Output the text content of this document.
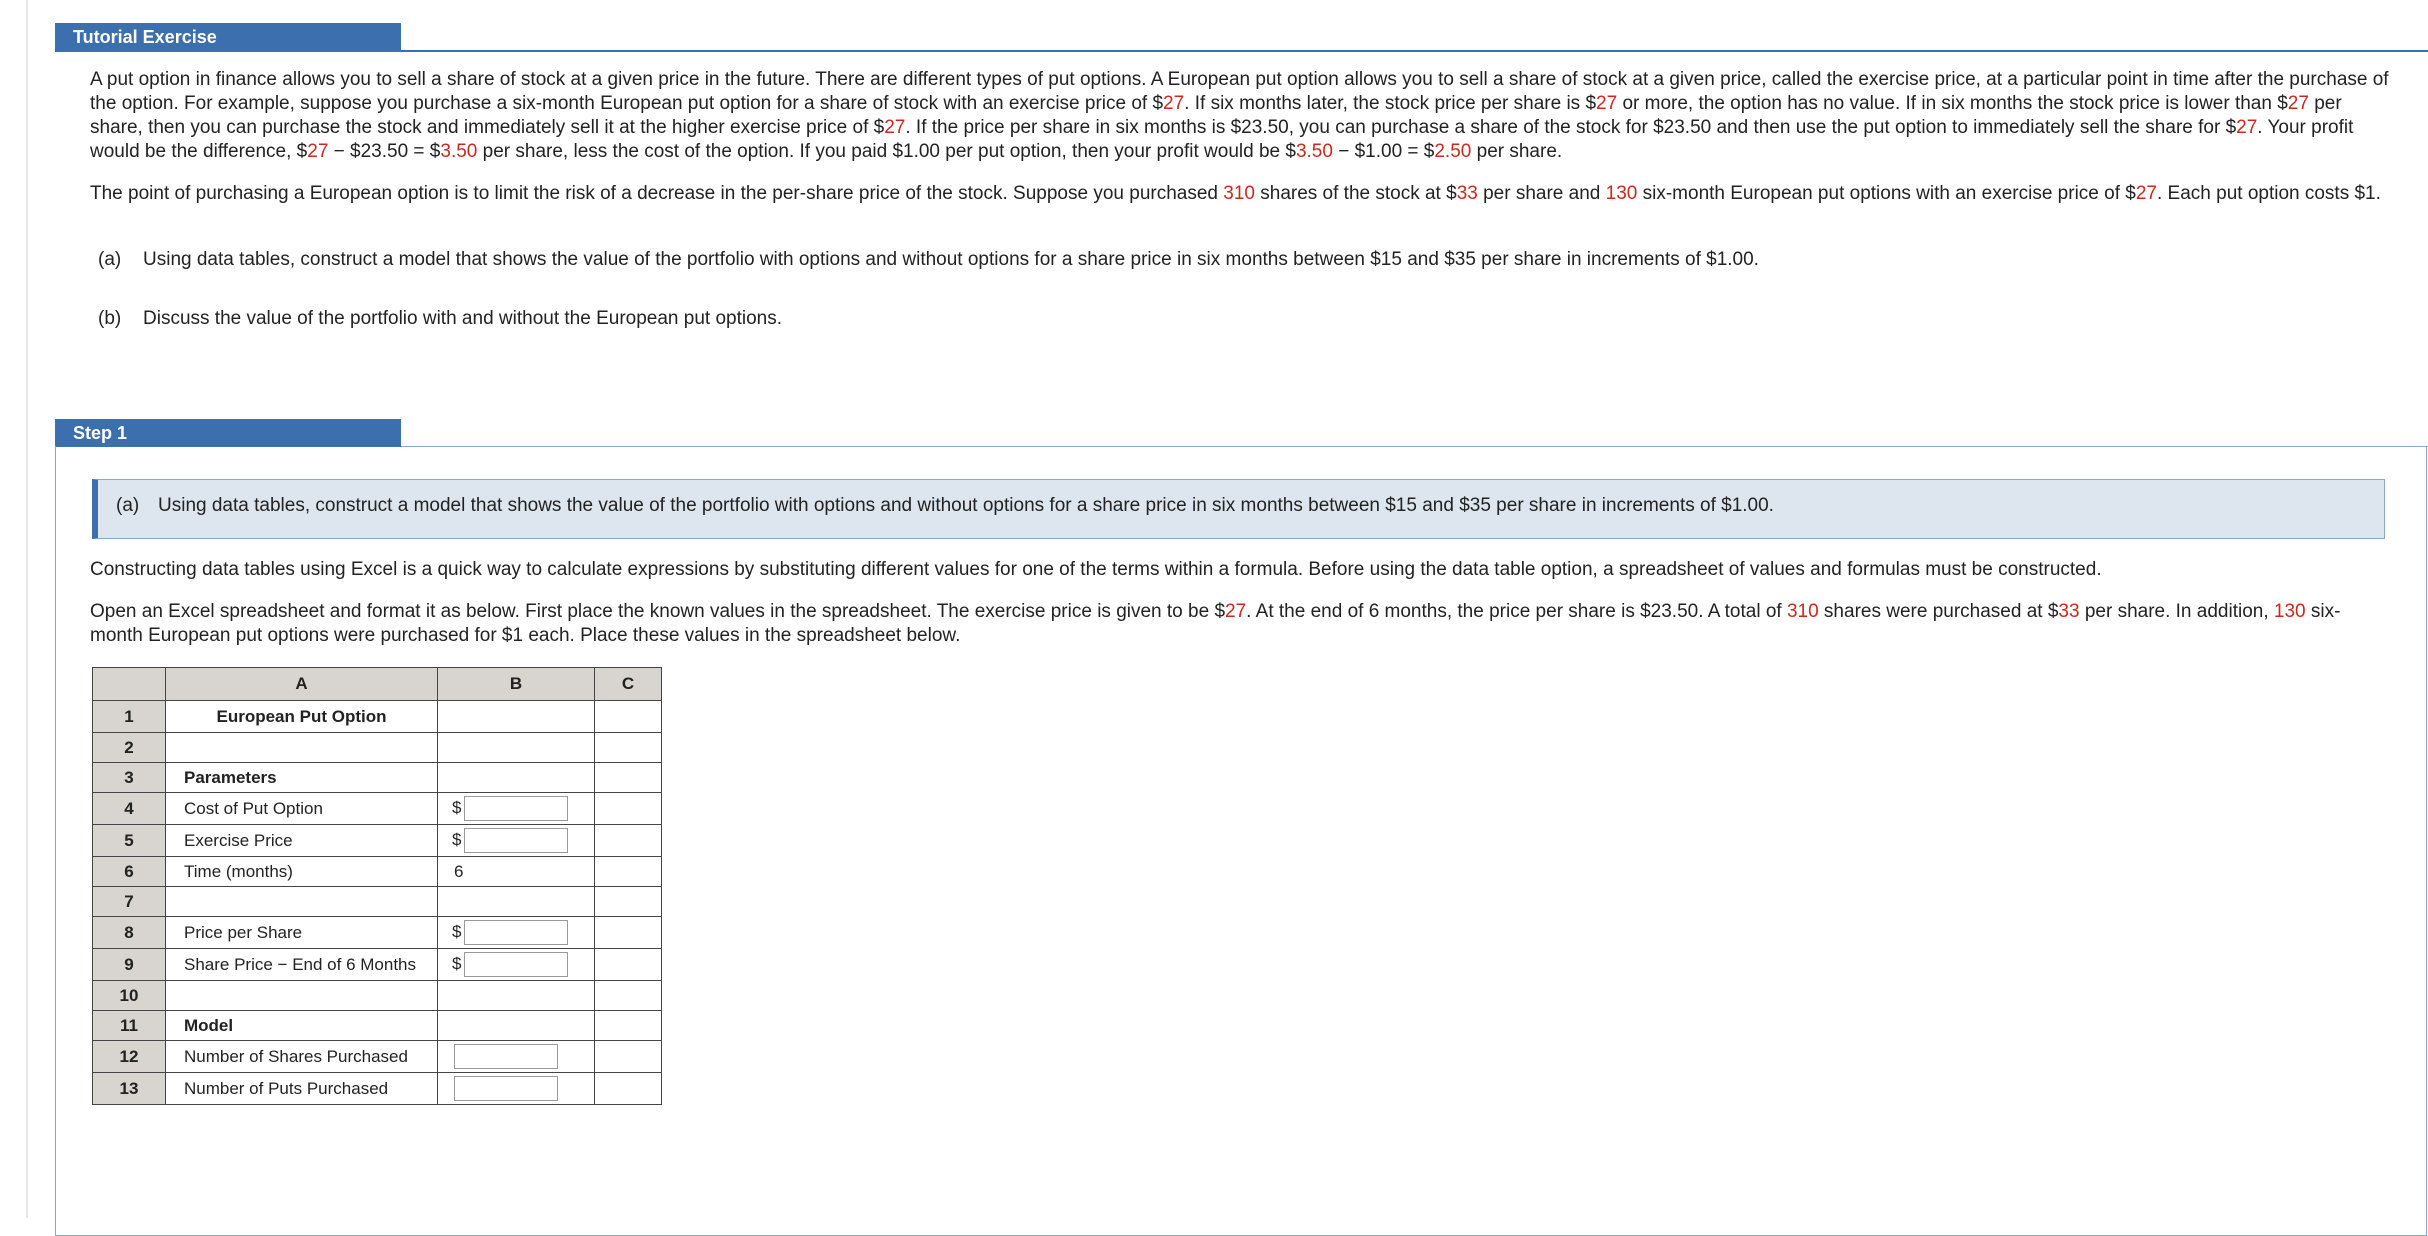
Tutorial Exercise
A put option in finance allows you to sell a share of stock at a given price in the future. There are different types of put options. A European put option allows you to sell a share of stock at a given price, called the exercise price, at a particular point in time after the purchase of the option. For example, suppose you purchase a six-month European put option for a share of stock with an exercise price of $27. If six months later, the stock price per share is $27 or more, the option has no value. If in six months the stock price is lower than $27 per share, then you can purchase the stock and immediately sell it at the higher exercise price of $27. If the price per share in six months is $23.50, you can purchase a share of the stock for $23.50 and then use the put option to immediately sell the share for $27. Your profit would be the difference, $27 − $23.50 = $3.50 per share, less the cost of the option. If you paid $1.00 per put option, then your profit would be $3.50 − $1.00 = $2.50 per share.
The point of purchasing a European option is to limit the risk of a decrease in the per-share price of the stock. Suppose you purchased 310 shares of the stock at $33 per share and 130 six-month European put options with an exercise price of $27. Each put option costs $1.
(a) Using data tables, construct a model that shows the value of the portfolio with options and without options for a share price in six months between $15 and $35 per share in increments of $1.00.
(b) Discuss the value of the portfolio with and without the European put options.
Step 1
(a) Using data tables, construct a model that shows the value of the portfolio with options and without options for a share price in six months between $15 and $35 per share in increments of $1.00.
Constructing data tables using Excel is a quick way to calculate expressions by substituting different values for one of the terms within a formula. Before using the data table option, a spreadsheet of values and formulas must be constructed.
Open an Excel spreadsheet and format it as below. First place the known values in the spreadsheet. The exercise price is given to be $27. At the end of 6 months, the price per share is $23.50. A total of 310 shares were purchased at $33 per share. In addition, 130 six-month European put options were purchased for $1 each. Place these values in the spreadsheet below.
	A	B	C
1	European Put Option		
2			
3	Parameters		
4	Cost of Put Option	$	
5	Exercise Price	$	
6	Time (months)	6	
7			
8	Price per Share	$	
9	Share Price − End of 6 Months	$	
10			
11	Model		
12	Number of Shares Purchased		
13	Number of Puts Purchased		
